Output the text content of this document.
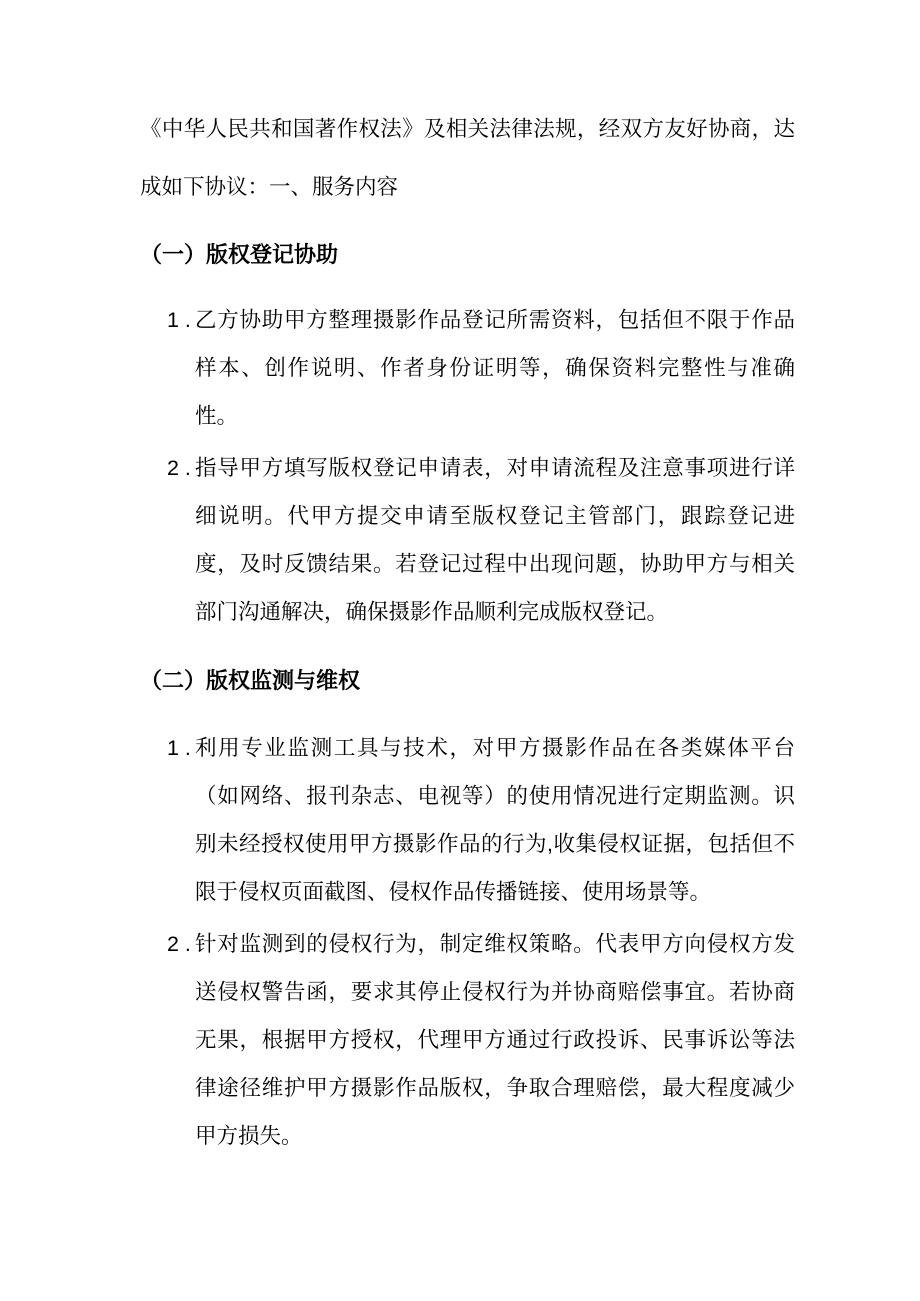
《中华人民共和国著作权法》及相关法律法规，经双方友好协商，达成如下协议：一、服务内容

（一）版权登记协助
1 . 乙方协助甲方整理摄影作品登记所需资料，包括但不限于作品样本、创作说明、作者身份证明等，确保资料完整性与准确性。
2 . 指导甲方填写版权登记申请表，对申请流程及注意事项进行详细说明。代甲方提交申请至版权登记主管部门，跟踪登记进度，及时反馈结果。若登记过程中出现问题，协助甲方与相关部门沟通解决，确保摄影作品顺利完成版权登记。
（二）版权监测与维权
1 . 利用专业监测工具与技术，对甲方摄影作品在各类媒体平台（如网络、报刊杂志、电视等）的使用情况进行定期监测。识别未经授权使用甲方摄影作品的行为,收集侵权证据，包括但不限于侵权页面截图、侵权作品传播链接、使用场景等。
2 . 针对监测到的侵权行为，制定维权策略。代表甲方向侵权方发送侵权警告函，要求其停止侵权行为并协商赔偿事宜。若协商无果，根据甲方授权，代理甲方通过行政投诉、民事诉讼等法律途径维护甲方摄影作品版权，争取合理赔偿，最大程度减少甲方损失。
